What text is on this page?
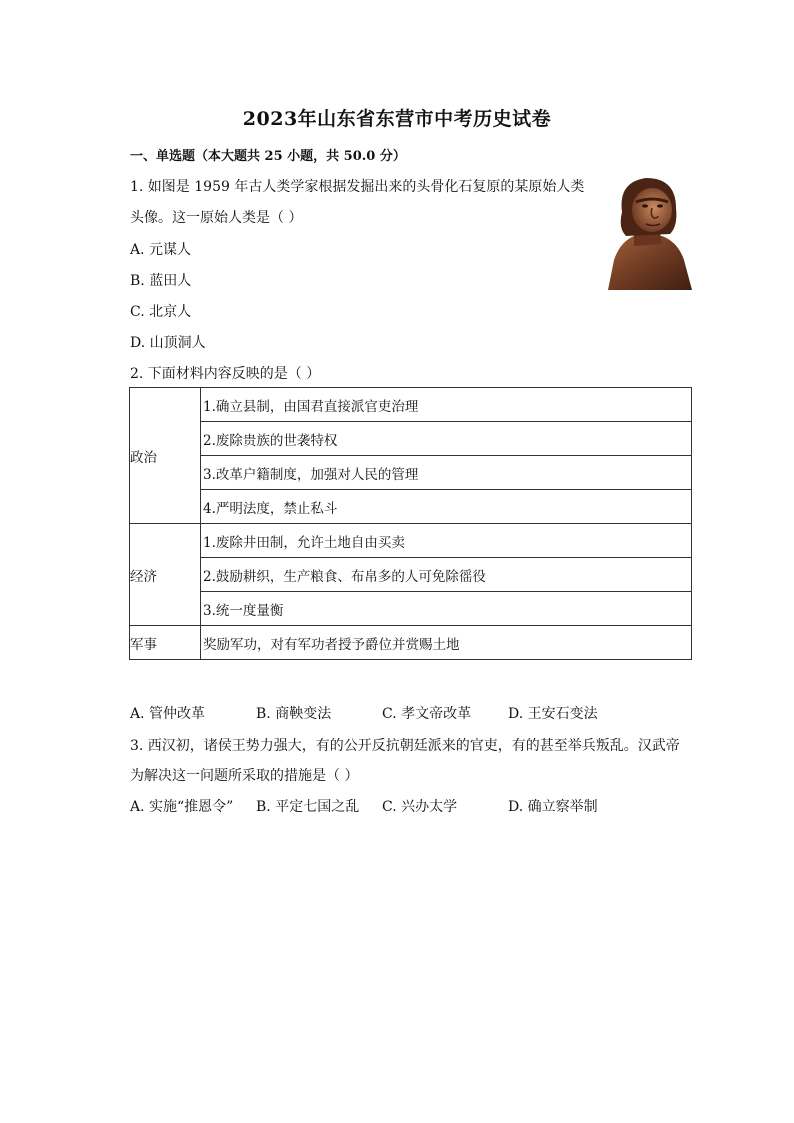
2023年山东省东营市中考历史试卷
一、单选题（本大题共 25 小题，共 50.0 分）
1. 如图是 1959 年古人类学家根据发掘出来的头骨化石复原的某原始人类
头像。这一原始人类是（ ）
A. 元谋人
B. 蓝田人
C. 北京人
D. 山顶洞人
2. 下面材料内容反映的是（ ）
政治	1.确立县制，由国君直接派官吏治理
	2.废除贵族的世袭特权
	3.改革户籍制度，加强对人民的管理
	4.严明法度，禁止私斗
经济	1.废除井田制，允许土地自由买卖
	2.鼓励耕织，生产粮食、布帛多的人可免除徭役
	3.统一度量衡
军事	奖励军功，对有军功者授予爵位并赏赐土地
A. 管仲改革	B. 商鞅变法	C. 孝文帝改革	D. 王安石变法
3. 西汉初，诸侯王势力强大，有的公开反抗朝廷派来的官吏，有的甚至举兵叛乱。汉武帝
为解决这一问题所采取的措施是（ ）
A. 实施“推恩令” B. 平定七国之乱 C. 兴办太学	D. 确立察举制
